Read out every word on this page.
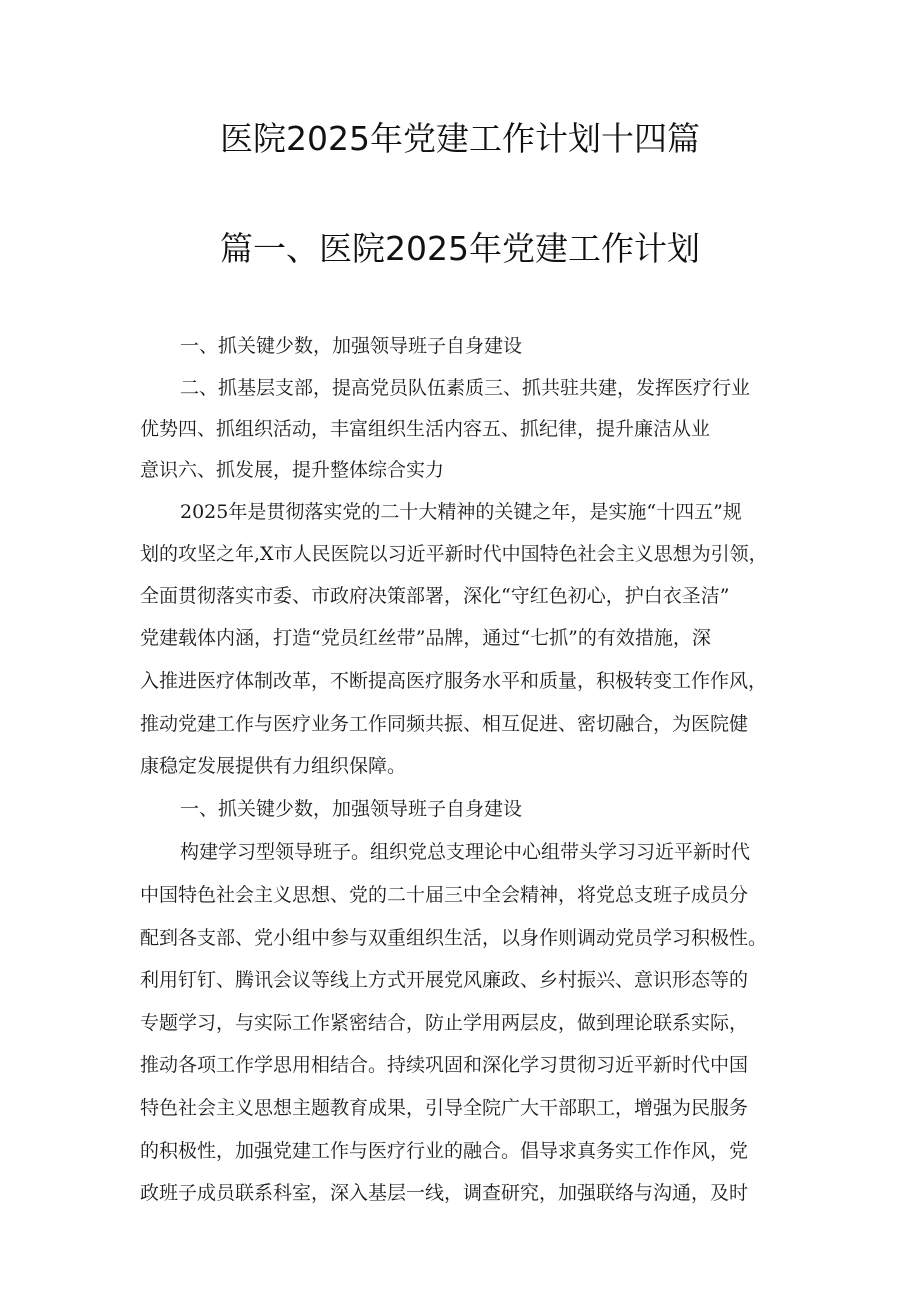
医院2025年党建工作计划十四篇
篇一、医院2025年党建工作计划
一、抓关键少数，加强领导班子自身建设
二、抓基层支部，提高党员队伍素质三、抓共驻共建，发挥医疗行业
优势四、抓组织活动，丰富组织生活内容五、抓纪律，提升廉洁从业
意识六、抓发展，提升整体综合实力
2025年是贯彻落实党的二十大精神的关键之年，是实施“十四五”规
划的攻坚之年,X市人民医院以习近平新时代中国特色社会主义思想为引领，
全面贯彻落实市委、市政府决策部署，深化“守红色初心，护白衣圣洁”
党建载体内涵，打造“党员红丝带”品牌，通过“七抓”的有效措施，深
入推进医疗体制改革，不断提高医疗服务水平和质量，积极转变工作作风，
推动党建工作与医疗业务工作同频共振、相互促进、密切融合，为医院健
康稳定发展提供有力组织保障。
一、抓关键少数，加强领导班子自身建设
构建学习型领导班子。组织党总支理论中心组带头学习习近平新时代
中国特色社会主义思想、党的二十届三中全会精神，将党总支班子成员分
配到各支部、党小组中参与双重组织生活，以身作则调动党员学习积极性。
利用钉钉、腾讯会议等线上方式开展党风廉政、乡村振兴、意识形态等的
专题学习，与实际工作紧密结合，防止学用两层皮，做到理论联系实际，
推动各项工作学思用相结合。持续巩固和深化学习贯彻习近平新时代中国
特色社会主义思想主题教育成果，引导全院广大干部职工，增强为民服务
的积极性，加强党建工作与医疗行业的融合。倡导求真务实工作作风，党
政班子成员联系科室，深入基层一线，调查研究，加强联络与沟通，及时
